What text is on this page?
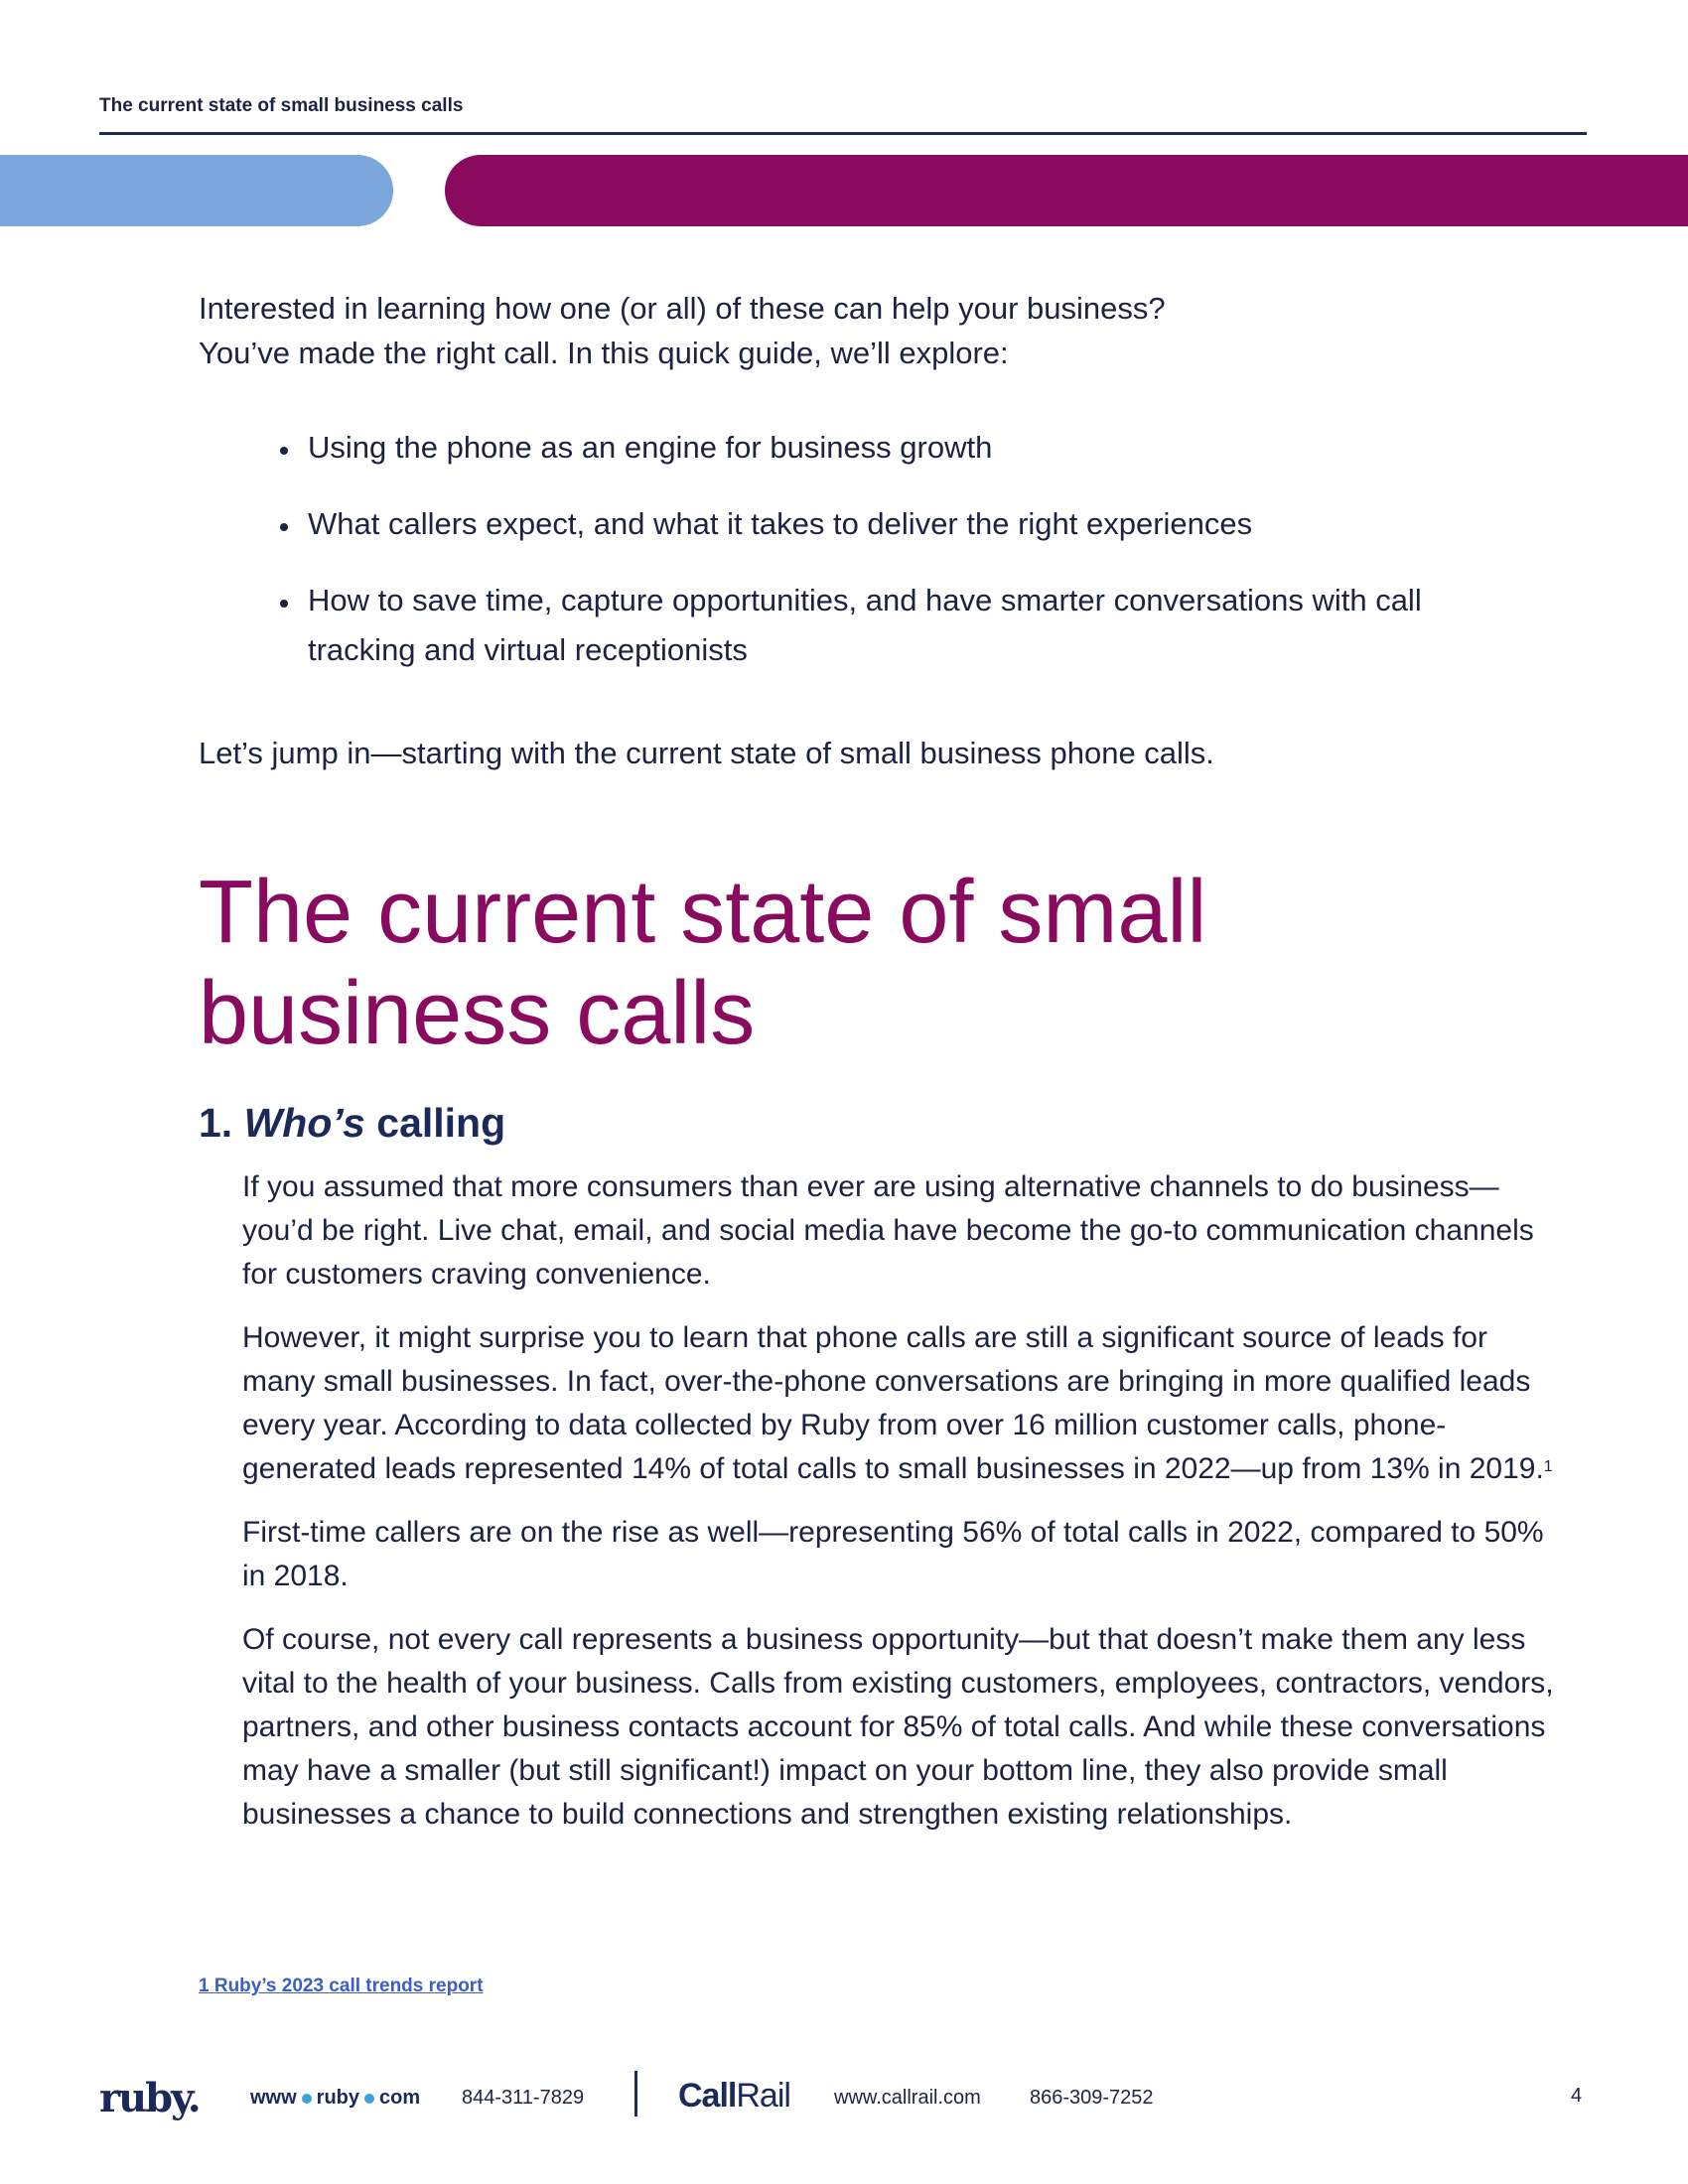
The current state of small business calls

Interested in learning how one (or all) of these can help your business?

You’ve made the right call. In this quick guide, we’ll explore:

Using the phone as an engine for business growth
What callers expect, and what it takes to deliver the right experiences
How to save time, capture opportunities, and have smarter conversations with call tracking and virtual receptionists
Let’s jump in—starting with the current state of small business phone calls.
The current state of small
business calls
1. Who’s calling

If you assumed that more consumers than ever are using alternative channels to do business—you’d be right. Live chat, email, and social media have become the go-to communication channels for customers craving convenience.

However, it might surprise you to learn that phone calls are still a significant source of leads for many small businesses. In fact, over-the-phone conversations are bringing in more qualified leads every year. According to data collected by Ruby from over 16 million customer calls, phone-generated leads represented 14% of total calls to small businesses in 2022—up from 13% in 2019.$^1$

First-time callers are on the rise as well—representing 56% of total calls in 2022, compared to 50% in 2018.

Of course, not every call represents a business opportunity—but that doesn’t make them any less vital to the health of your business. Calls from existing customers, employees, contractors, vendors, partners, and other business contacts account for 85% of total calls. And while these conversations may have a smaller (but still significant!) impact on your bottom line, they also provide small businesses a chance to build connections and strengthen existing relationships.

1 Ruby’s 2023 call trends report
ruby.	www ruby com 844-311-7829	CallRail www.callrail.com 866-309-7252	4
